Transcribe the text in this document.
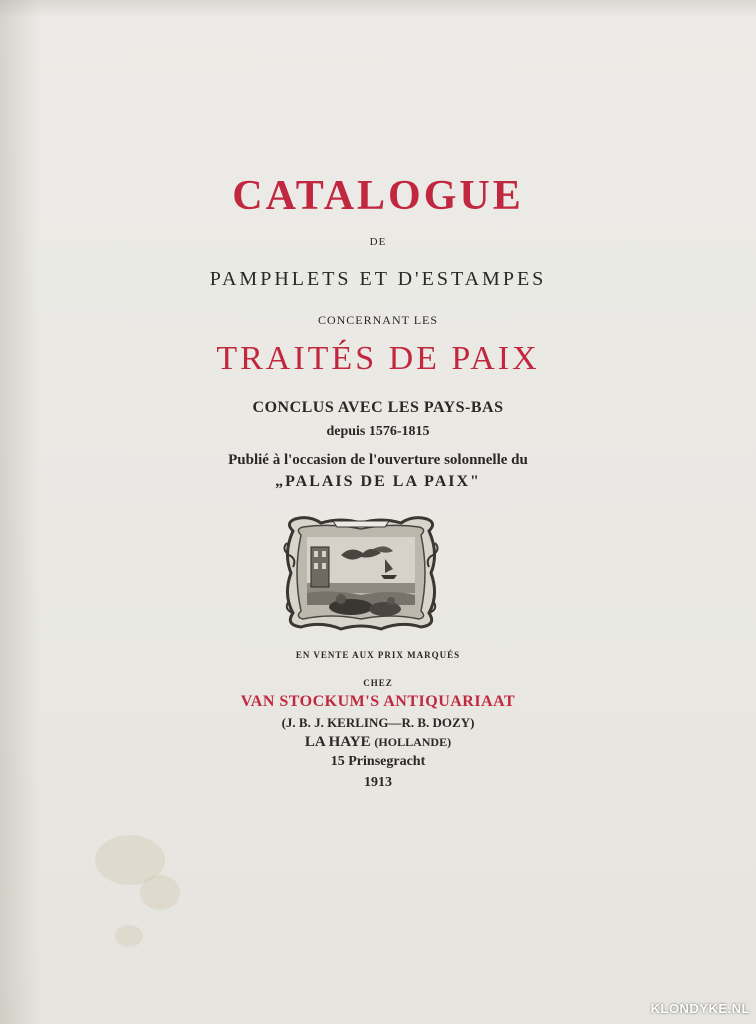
CATALOGUE
DE
PAMPHLETS ET D'ESTAMPES
CONCERNANT LES
TRAITÉS DE PAIX
CONCLUS AVEC LES PAYS-BAS
depuis 1576-1815
Publié à l'occasion de l'ouverture solonnelle du
„PALAIS DE LA PAIX"
EN VENTE AUX PRIX MARQUÉS
CHEZ
VAN STOCKUM'S ANTIQUARIAAT
(J. B. J. KERLING—R. B. DOZY)
LA HAYE (HOLLANDE)
15 Prinsegracht
1913
KLONDYKE.NL
